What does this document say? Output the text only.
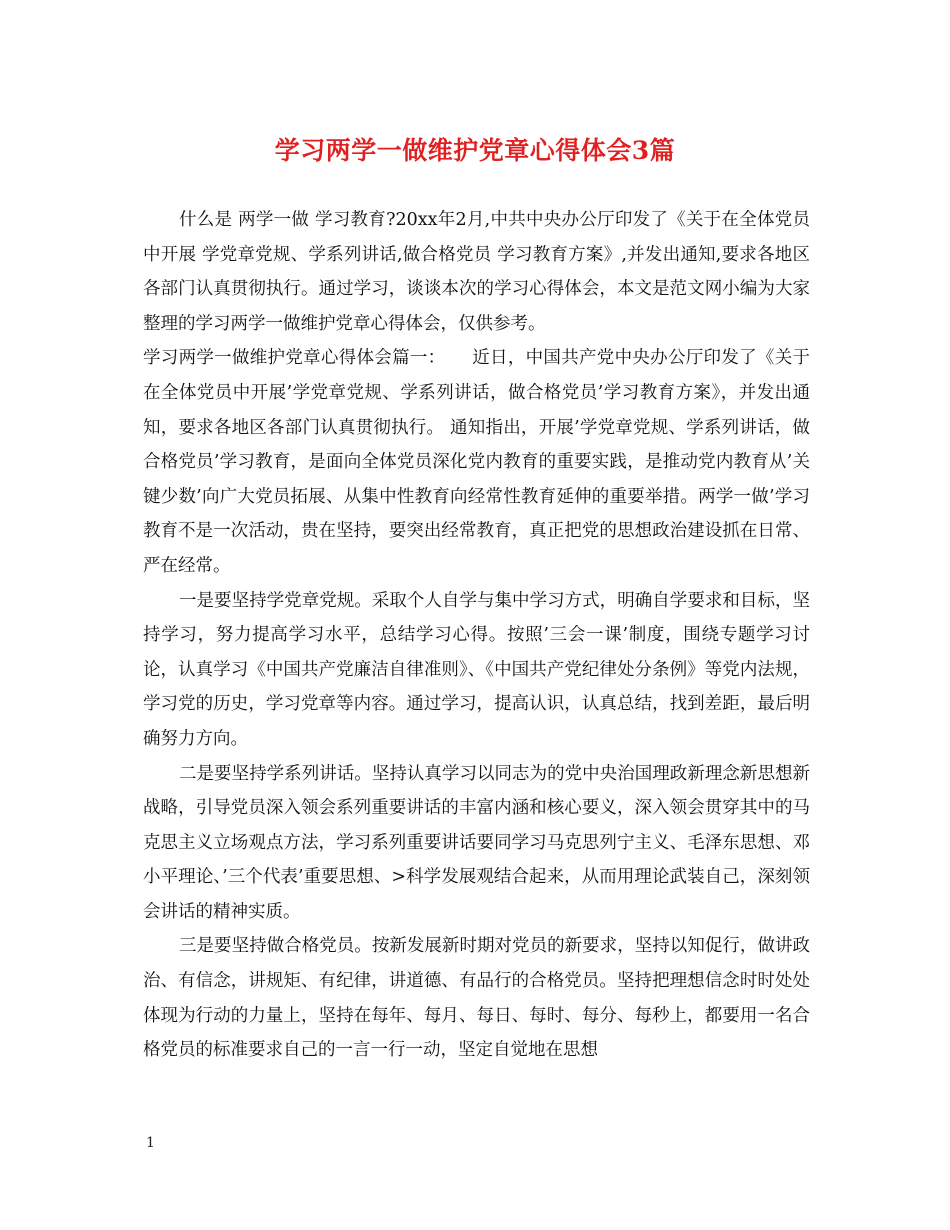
学习两学一做维护党章心得体会3篇

什么是 两学一做 学习教育?20xx年2月,中共中央办公厅印发了《关于在全体党员中开展 学党章党规、学系列讲话,做合格党员 学习教育方案》,并发出通知,要求各地区各部门认真贯彻执行。通过学习，谈谈本次的学习心得体会，本文是范文网小编为大家整理的学习两学一做维护党章心得体会，仅供参考。

学习两学一做维护党章心得体会篇一：　　近日，中国共产党中央办公厅印发了《关于在全体党员中开展’学党章党规、学系列讲话，做合格党员’学习教育方案》，并发出通知，要求各地区各部门认真贯彻执行。 通知指出，开展’学党章党规、学系列讲话，做合格党员’学习教育，是面向全体党员深化党内教育的重要实践，是推动党内教育从’关键少数’向广大党员拓展、从集中性教育向经常性教育延伸的重要举措。两学一做’学习教育不是一次活动，贵在坚持，要突出经常教育，真正把党的思想政治建设抓在日常、严在经常。

一是要坚持学党章党规。采取个人自学与集中学习方式，明确自学要求和目标，坚持学习，努力提高学习水平，总结学习心得。按照’三会一课’制度，围绕专题学习讨论，认真学习《中国共产党廉洁自律准则》、《中国共产党纪律处分条例》等党内法规，学习党的历史，学习党章等内容。通过学习，提高认识，认真总结，找到差距，最后明确努力方向。

二是要坚持学系列讲话。坚持认真学习以同志为的党中央治国理政新理念新思想新战略，引导党员深入领会系列重要讲话的丰富内涵和核心要义，深入领会贯穿其中的马克思主义立场观点方法，学习系列重要讲话要同学习马克思列宁主义、毛泽东思想、邓小平理论、’三个代表’重要思想、>科学发展观结合起来，从而用理论武装自己，深刻领会讲话的精神实质。

三是要坚持做合格党员。按新发展新时期对党员的新要求，坚持以知促行，做讲政治、有信念，讲规矩、有纪律，讲道德、有品行的合格党员。坚持把理想信念时时处处体现为行动的力量上，坚持在每年、每月、每日、每时、每分、每秒上，都要用一名合格党员的标准要求自己的一言一行一动，坚定自觉地在思想

1
